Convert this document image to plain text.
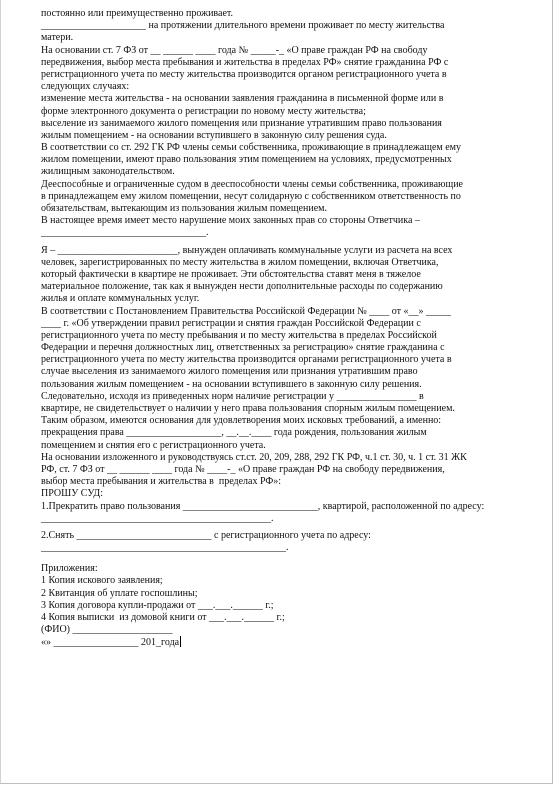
постоянно или преимущественно проживает.
_____________________ на протяжении длительного времени проживает по месту жительства
матери.
На основании ст. 7 ФЗ от __ ______ ____ года № _____-_ «О праве граждан РФ на свободу
передвижения, выбор места пребывания и жительства в пределах РФ» снятие гражданина РФ с
регистрационного учета по месту жительства производится органом регистрационного учета в
следующих случаях:
изменение места жительства - на основании заявления гражданина в письменной форме или в
форме электронного документа о регистрации по новому месту жительства;
выселение из занимаемого жилого помещения или признание утратившим право пользования
жилым помещением - на основании вступившего в законную силу решения суда.
В соответствии со ст. 292 ГК РФ члены семьи собственника, проживающие в принадлежащем ему
жилом помещении, имеют право пользования этим помещением на условиях, предусмотренных
жилищным законодательством.
Дееспособные и ограниченные судом в дееспособности члены семьи собственника, проживающие
в принадлежащем ему жилом помещении, несут солидарную с собственником ответственность по
обязательствам, вытекающим из пользования жилым помещением.
В настоящее время имеет место нарушение моих законных прав со стороны Ответчика –
_________________________________.
Я – ________________________, вынужден оплачивать коммунальные услуги из расчета на всех
человек, зарегистрированных по месту жительства в жилом помещении, включая Ответчика,
который фактически в квартире не проживает. Эти обстоятельства ставят меня в тяжелое
материальное положение, так как я вынужден нести дополнительные расходы по содержанию
жилья и оплате коммунальных услуг.
В соответствии с Постановлением Правительства Российской Федерации № ____ от «__» _____
____ г. «Об утверждении правил регистрации и снятия граждан Российской Федерации с
регистрационного учета по месту пребывания и по месту жительства в пределах Российской
Федерации и перечня должностных лиц, ответственных за регистрацию» снятие гражданина с
регистрационного учета по месту жительства производится органами регистрационного учета в
случае выселения из занимаемого жилого помещения или признания утратившим право
пользования жилым помещением - на основании вступившего в законную силу решения.
Следовательно, исходя из приведенных норм наличие регистрации у ________________ в
квартире, не свидетельствует о наличии у него права пользования спорным жилым помещением.
Таким образом, имеются основания для удовлетворения моих исковых требований, а именно:
прекращения права ___________________, __.__.____ года рождения, пользования жилым
помещением и снятия его с регистрационного учета.
На основании изложенного и руководствуясь ст.ст. 20, 209, 288, 292 ГК РФ, ч.1 ст. 30, ч. 1 ст. 31 ЖК
РФ, ст. 7 ФЗ от __ ______ ____ года № ____-_ «О праве граждан РФ на свободу передвижения,
выбор места пребывания и жительства в  пределах РФ»:
ПРОШУ СУД:
1.Прекратить право пользования ___________________________, квартирой, расположенной по адресу:
______________________________________________.
2.Снять ___________________________ с регистрационного учета по адресу:
_________________________________________________.
Приложения:
1 Копия искового заявления;
2 Квитанция об уплате госпошлины;
3 Копия договора купли-продажи от ___.___.______ г.;
4 Копия выписки  из домовой книги от ___.___.______ г.;
(ФИО) ____________________
«» _________________ 201_года
